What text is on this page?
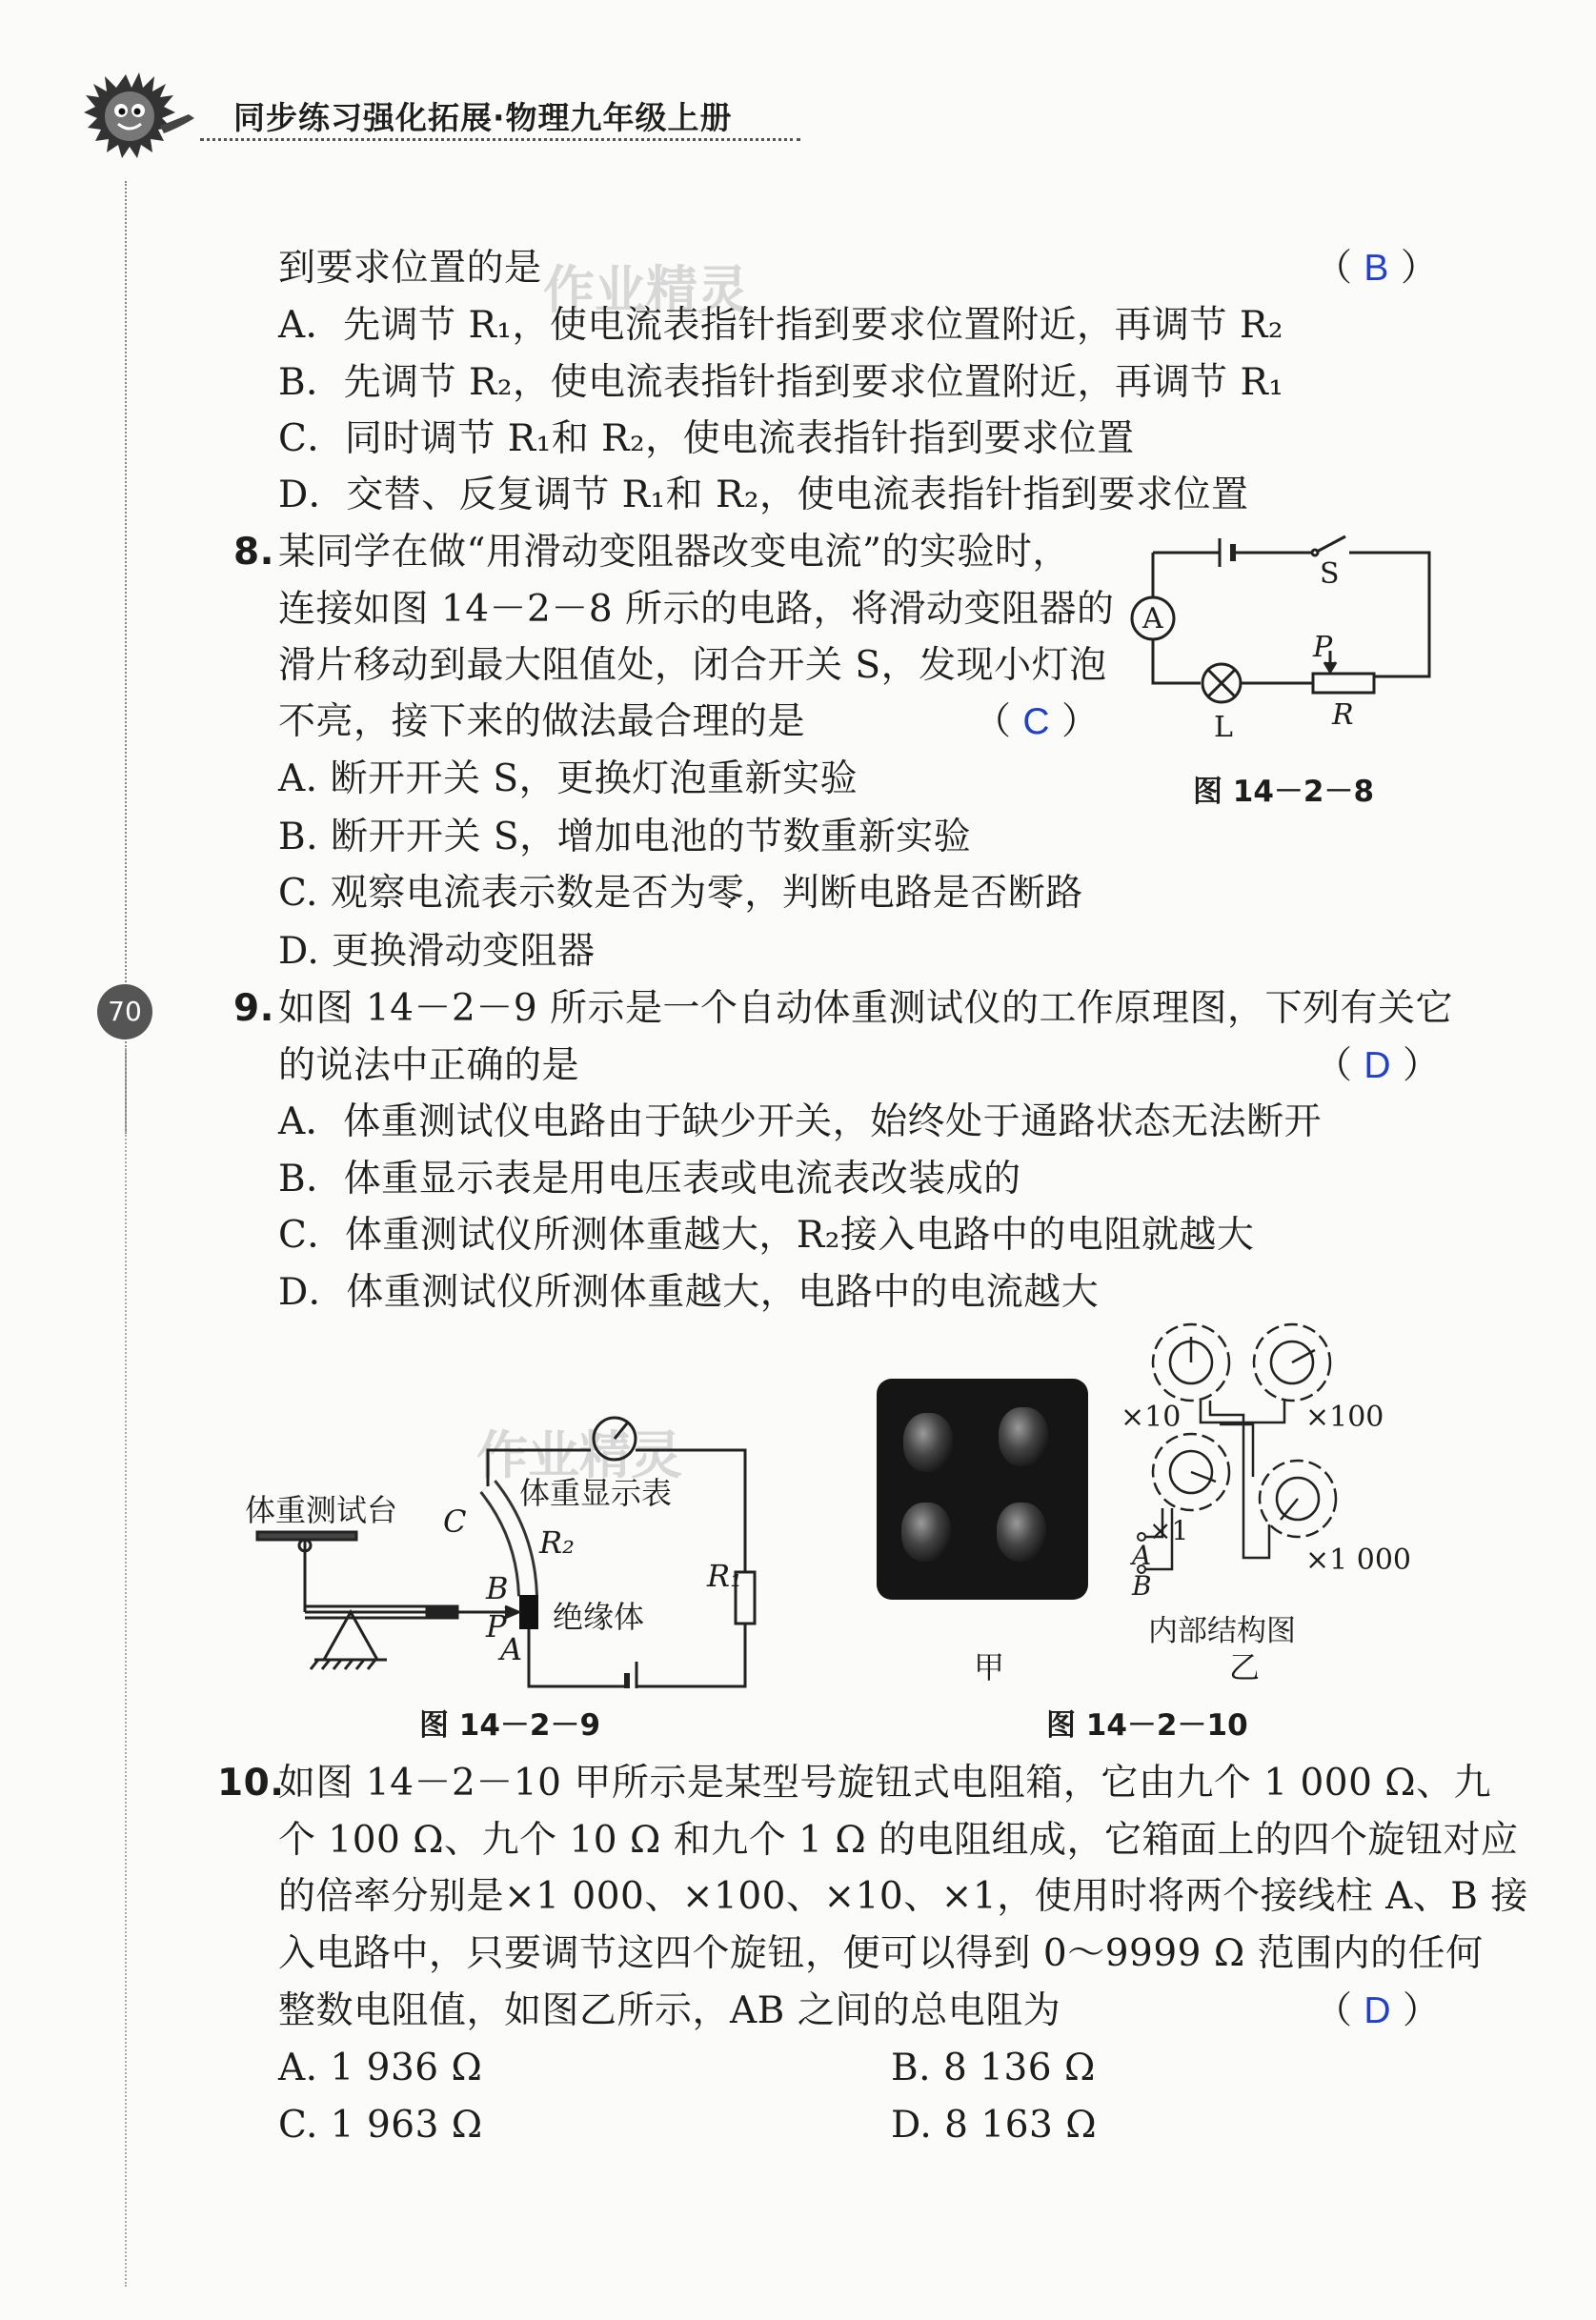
同步练习强化拓展·物理九年级上册
70
作业精灵
作业精灵
到要求位置的是	（ B ）
A．先调节 R₁，使电流表指针指到要求位置附近，再调节 R₂
B．先调节 R₂，使电流表指针指到要求位置附近，再调节 R₁
C．同时调节 R₁和 R₂，使电流表指针指到要求位置
D．交替、反复调节 R₁和 R₂，使电流表指针指到要求位置
8. 某同学在做“用滑动变阻器改变电流”的实验时，
连接如图 14－2－8 所示的电路，将滑动变阻器的
滑片移动到最大阻值处，闭合开关 S，发现小灯泡
不亮，接下来的做法最合理的是	（ C ）
A. 断开开关 S，更换灯泡重新实验
B. 断开开关 S，增加电池的节数重新实验
C. 观察电流表示数是否为零，判断电路是否断路
D. 更换滑动变阻器
A
S
P
L	R
图 14－2－8
9. 如图 14－2－9 所示是一个自动体重测试仪的工作原理图，下列有关它
的说法中正确的是	（ D ）
A．体重测试仪电路由于缺少开关，始终处于通路状态无法断开
B．体重显示表是用电压表或电流表改装成的
C．体重测试仪所测体重越大，R₂接入电路中的电阻就越大
D．体重测试仪所测体重越大，电路中的电流越大
体重测试台	体重显示表
C
R₂
B
绝缘体
P
A
R₁
图 14－2－9
甲
×10	×100
×1
A
B
×1 000
内部结构图
乙
图 14－2－10
10.
如图 14－2－10 甲所示是某型号旋钮式电阻箱，它由九个 1 000 Ω、九
个 100 Ω、九个 10 Ω 和九个 1 Ω 的电阻组成，它箱面上的四个旋钮对应
的倍率分别是×1 000、×100、×10、×1，使用时将两个接线柱 A、B 接
入电路中，只要调节这四个旋钮，便可以得到 0～9999 Ω 范围内的任何
整数电阻值，如图乙所示，AB 之间的总电阻为	（ D ）
A. 1 936 Ω	B. 8 136 Ω
C. 1 963 Ω	D. 8 163 Ω
